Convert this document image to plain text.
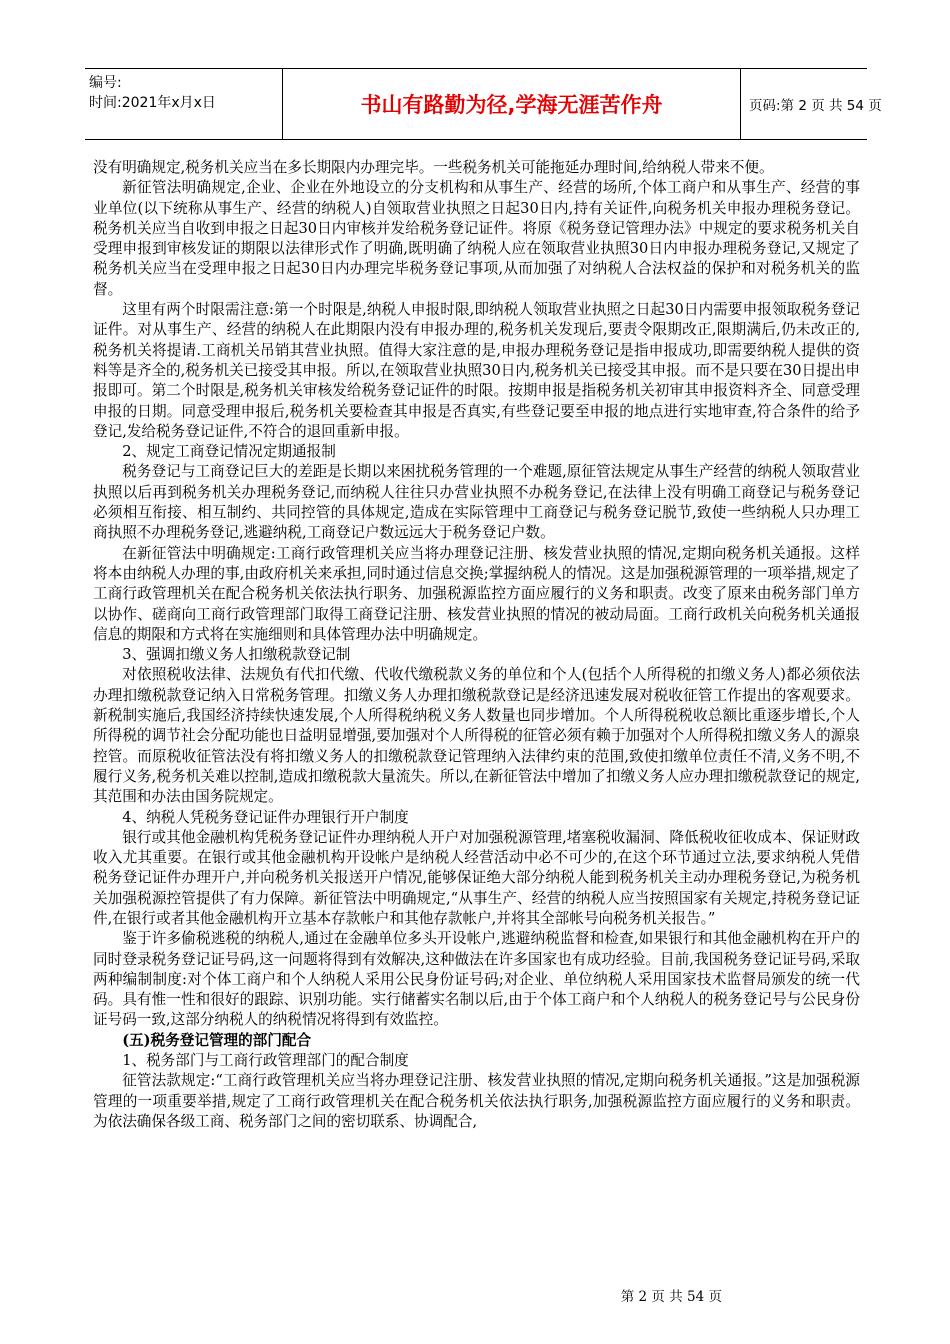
编号:
时间:2021年x月x日	书山有路勤为径,学海无涯苦作舟	页码:第 2 页 共 54 页

没有明确规定,税务机关应当在多长期限内办理完毕。一些税务机关可能拖延办理时间,给纳税人带来不便。

新征管法明确规定,企业、企业在外地设立的分支机构和从事生产、经营的场所,个体工商户和从事生产、经营的事业单位(以下统称从事生产、经营的纳税人)自领取营业执照之日起30日内,持有关证件,向税务机关申报办理税务登记。税务机关应当自收到申报之日起30日内审核并发给税务登记证件。将原《税务登记管理办法》中规定的要求税务机关自受理申报到审核发证的期限以法律形式作了明确,既明确了纳税人应在领取营业执照30日内申报办理税务登记,又规定了税务机关应当在受理申报之日起30日内办理完毕税务登记事项,从而加强了对纳税人合法权益的保护和对税务机关的监督。

这里有两个时限需注意:第一个时限是,纳税人申报时限,即纳税人领取营业执照之日起30日内需要申报领取税务登记证件。对从事生产、经营的纳税人在此期限内没有申报办理的,税务机关发现后,要责令限期改正,限期满后,仍未改正的,税务机关将提请.工商机关吊销其营业执照。值得大家注意的是,申报办理税务登记是指申报成功,即需要纳税人提供的资料等是齐全的,税务机关已接受其申报。所以,在领取营业执照30日内,税务机关已接受其申报。而不是只要在30日提出申报即可。第二个时限是,税务机关审核发给税务登记证件的时限。按期申报是指税务机关初审其申报资料齐全、同意受理申报的日期。同意受理申报后,税务机关要检查其申报是否真实,有些登记要至申报的地点进行实地审查,符合条件的给予登记,发给税务登记证件,不符合的退回重新申报。

2、规定工商登记情况定期通报制

税务登记与工商登记巨大的差距是长期以来困扰税务管理的一个难题,原征管法规定从事生产经营的纳税人领取营业执照以后再到税务机关办理税务登记,而纳税人往往只办营业执照不办税务登记,在法律上没有明确工商登记与税务登记必须相互衔接、相互制约、共同控管的具体规定,造成在实际管理中工商登记与税务登记脱节,致使一些纳税人只办理工商执照不办理税务登记,逃避纳税,工商登记户数远远大于税务登记户数。

在新征管法中明确规定:工商行政管理机关应当将办理登记注册、核发营业执照的情况,定期向税务机关通报。这样将本由纳税人办理的事,由政府机关来承担,同时通过信息交换;掌握纳税人的情况。这是加强税源管理的一项举措,规定了工商行政管理机关在配合税务机关依法执行职务、加强税源监控方面应履行的义务和职责。改变了原来由税务部门单方以协作、磋商向工商行政管理部门取得工商登记注册、核发营业执照的情况的被动局面。工商行政机关向税务机关通报信息的期限和方式将在实施细则和具体管理办法中明确规定。

3、强调扣缴义务人扣缴税款登记制

对依照税收法律、法规负有代扣代缴、代收代缴税款义务的单位和个人(包括个人所得税的扣缴义务人)都必须依法办理扣缴税款登记纳入日常税务管理。扣缴义务人办理扣缴税款登记是经济迅速发展对税收征管工作提出的客观要求。新税制实施后,我国经济持续快速发展,个人所得税纳税义务人数量也同步增加。个人所得税税收总额比重逐步增长,个人所得税的调节社会分配功能也日益明显增强,要加强对个人所得税的征管必须有赖于加强对个人所得税扣缴义务人的源泉控管。而原税收征管法没有将扣缴义务人的扣缴税款登记管理纳入法律约束的范围,致使扣缴单位责任不清,义务不明,不履行义务,税务机关难以控制,造成扣缴税款大量流失。所以,在新征管法中增加了扣缴义务人应办理扣缴税款登记的规定,其范围和办法由国务院规定。

4、纳税人凭税务登记证件办理银行开户制度

银行或其他金融机构凭税务登记证件办理纳税人开户对加强税源管理,堵塞税收漏洞、降低税收征收成本、保证财政收入尤其重要。在银行或其他金融机构开设帐户是纳税人经营活动中必不可少的,在这个环节通过立法,要求纳税人凭借税务登记证件办理开户,并向税务机关报送开户情况,能够保证绝大部分纳税人能到税务机关主动办理税务登记,为税务机关加强税源控管提供了有力保障。新征管法中明确规定,“从事生产、经营的纳税人应当按照国家有关规定,持税务登记证件,在银行或者其他金融机构开立基本存款帐户和其他存款帐户,并将其全部帐号向税务机关报告。”

鉴于许多偷税逃税的纳税人,通过在金融单位多头开设帐户,逃避纳税监督和检查,如果银行和其他金融机构在开户的同时登录税务登记证号码,这一问题将得到有效解决,这种做法在许多国家也有成功经验。目前,我国税务登记证号码,采取两种编制制度:对个体工商户和个人纳税人采用公民身份证号码;对企业、单位纳税人采用国家技术监督局颁发的统一代码。具有惟一性和很好的跟踪、识别功能。实行储蓄实名制以后,由于个体工商户和个人纳税人的税务登记号与公民身份证号码一致,这部分纳税人的纳税情况将得到有效监控。

(五)税务登记管理的部门配合

1、税务部门与工商行政管理部门的配合制度

征管法款规定:“工商行政管理机关应当将办理登记注册、核发营业执照的情况,定期向税务机关通报。”这是加强税源管理的一项重要举措,规定了工商行政管理机关在配合税务机关依法执行职务,加强税源监控方面应履行的义务和职责。为依法确保各级工商、税务部门之间的密切联系、协调配合,

第 2 页 共 54 页
